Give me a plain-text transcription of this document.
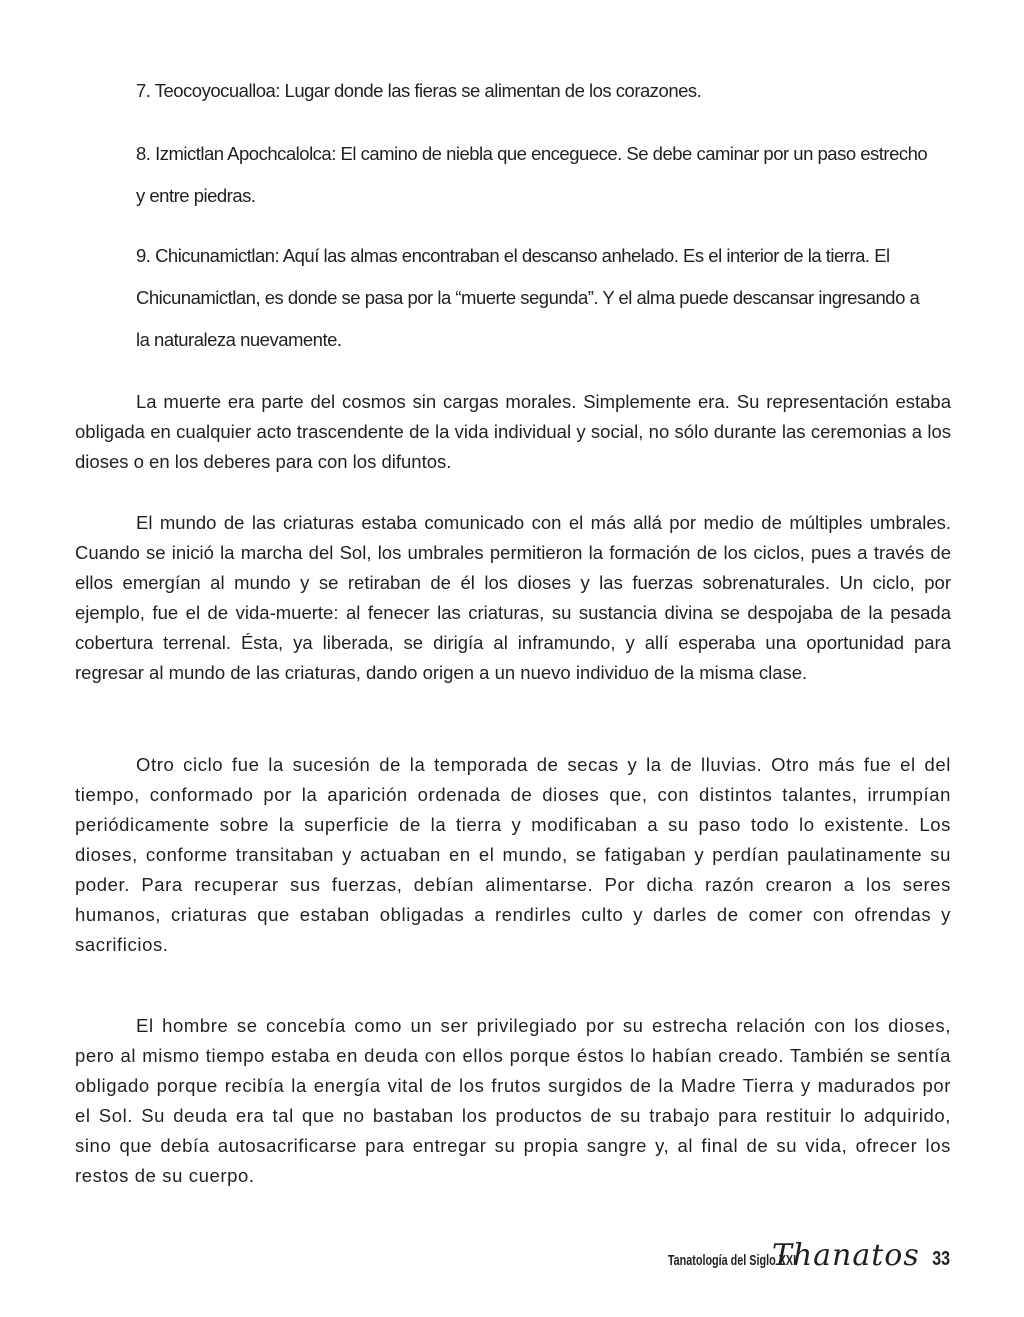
7. Teocoyocualloa: Lugar donde las fieras se alimentan de los corazones.

8. Izmictlan Apochcalolca: El camino de niebla que enceguece. Se debe caminar por un paso estrecho y entre piedras.

9. Chicunamictlan: Aquí las almas encontraban el descanso anhelado. Es el interior de la tierra. El Chicunamictlan, es donde se pasa por la “muerte segunda”. Y el alma puede descansar ingresando a la naturaleza nuevamente.

La muerte era parte del cosmos sin cargas morales. Simplemente era. Su representación estaba obligada en cualquier acto trascendente de la vida individual y social, no sólo durante las ceremonias a los dioses o en los deberes para con los difuntos.

El mundo de las criaturas estaba comunicado con el más allá por medio de múltiples umbrales. Cuando se inició la marcha del Sol, los umbrales permitieron la formación de los ciclos, pues a través de ellos emergían al mundo y se retiraban de él los dioses y las fuerzas sobrenaturales. Un ciclo, por ejemplo, fue el de vida-muerte: al fenecer las criaturas, su sustancia divina se despojaba de la pesada cobertura terrenal. Ésta, ya liberada, se dirigía al inframundo, y allí esperaba una oportunidad para regresar al mundo de las criaturas, dando origen a un nuevo individuo de la misma clase.

Otro ciclo fue la sucesión de la temporada de secas y la de lluvias. Otro más fue el del tiempo, conformado por la aparición ordenada de dioses que, con distintos talantes, irrumpían periódicamente sobre la superficie de la tierra y modificaban a su paso todo lo existente. Los dioses, conforme transitaban y actuaban en el mundo, se fatigaban y perdían paulatinamente su poder. Para recuperar sus fuerzas, debían alimentarse. Por dicha razón crearon a los seres humanos, criaturas que estaban obligadas a rendirles culto y darles de comer con ofrendas y sacrificios.

El hombre se concebía como un ser privilegiado por su estrecha relación con los dioses, pero al mismo tiempo estaba en deuda con ellos porque éstos lo habían creado. También se sentía obligado porque recibía la energía vital de los frutos surgidos de la Madre Tierra y madurados por el Sol. Su deuda era tal que no bastaban los productos de su trabajo para restituir lo adquirido, sino que debía autosacrificarse para entregar su propia sangre y, al final de su vida, ofrecer los restos de su cuerpo.

Tanatología del Siglo XXI
Thanatos 33
